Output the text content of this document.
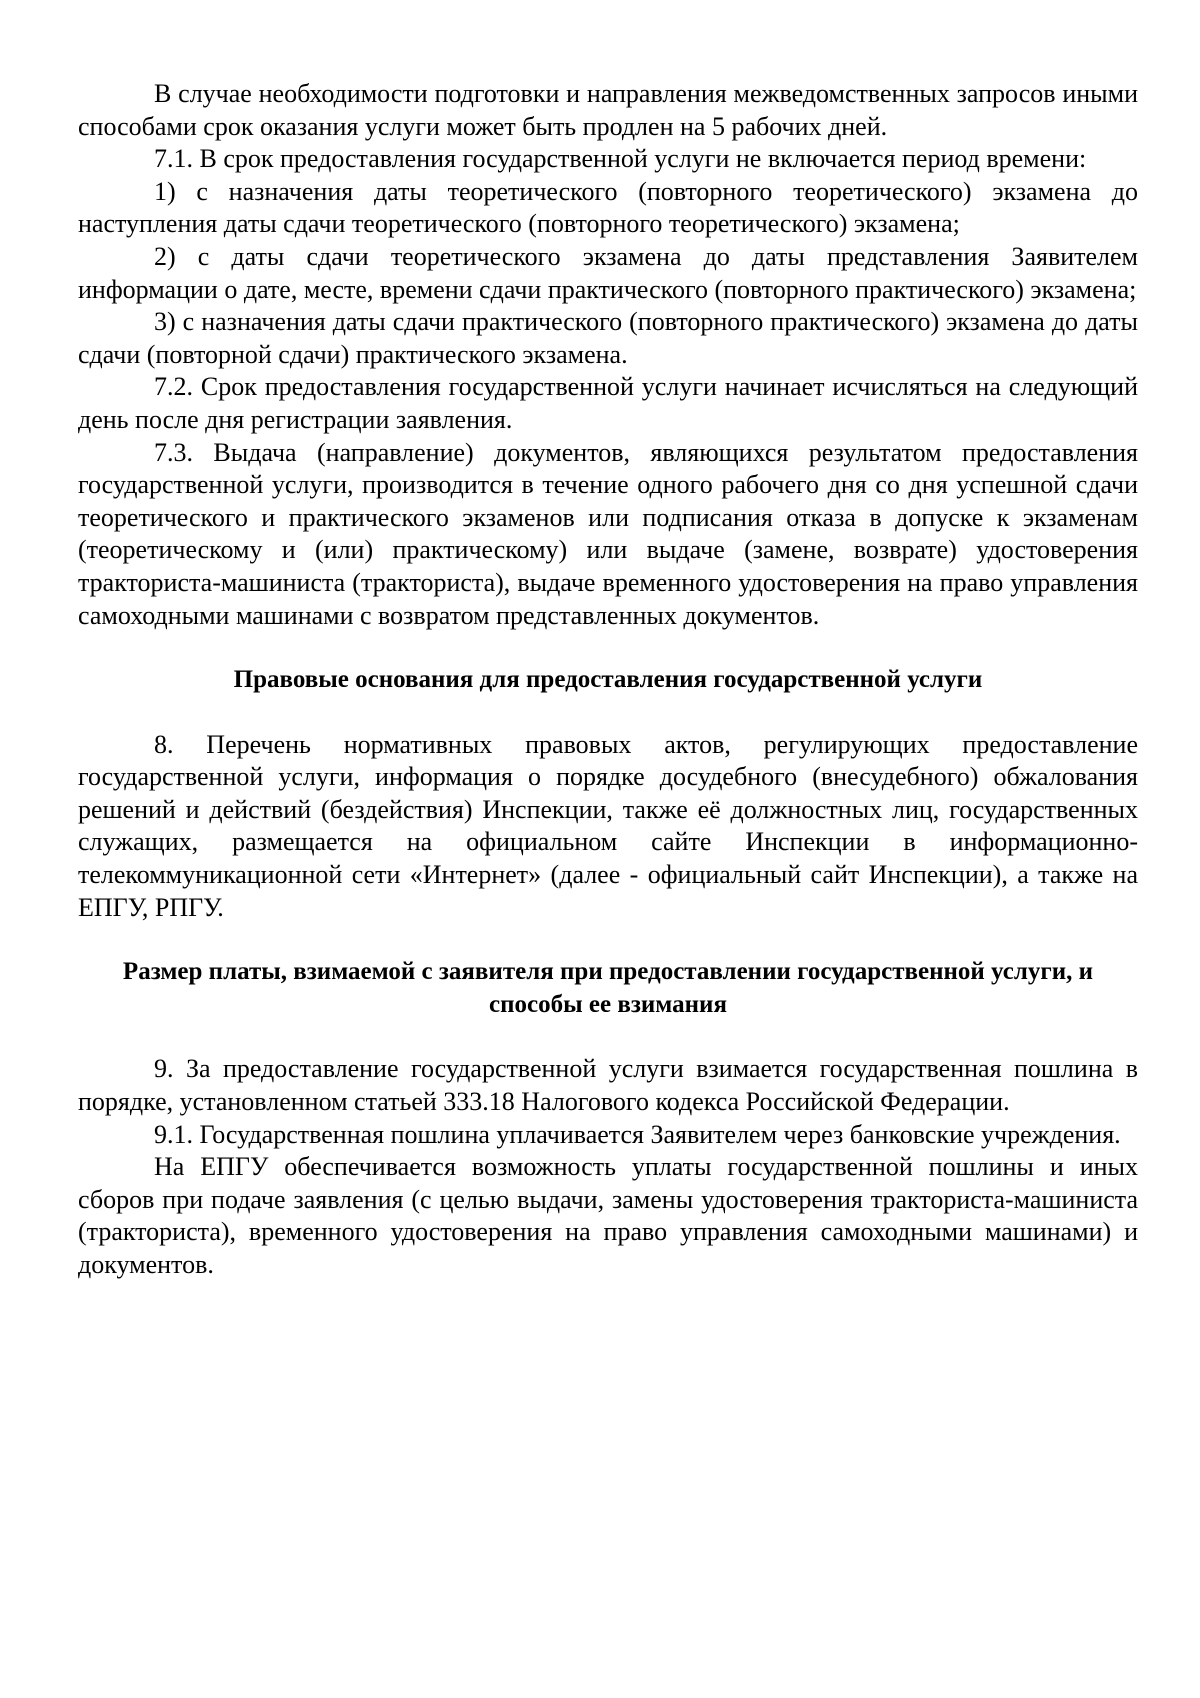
В случае необходимости подготовки и направления межведомственных запросов иными способами срок оказания услуги может быть продлен на 5 рабочих дней.

7.1. В срок предоставления государственной услуги не включается период времени:

1) с назначения даты теоретического (повторного теоретического) экзамена до наступления даты сдачи теоретического (повторного теоретического) экзамена;

2) с даты сдачи теоретического экзамена до даты представления Заявителем информации о дате, месте, времени сдачи практического (повторного практического) экзамена;

3) с назначения даты сдачи практического (повторного практического) экзамена до даты сдачи (повторной сдачи) практического экзамена.

7.2. Срок предоставления государственной услуги начинает исчисляться на следующий день после дня регистрации заявления.

7.3. Выдача (направление) документов, являющихся результатом предоставления государственной услуги, производится в течение одного рабочего дня со дня успешной сдачи теоретического и практического экзаменов или подписания отказа в допуске к экзаменам (теоретическому и (или) практическому) или выдаче (замене, возврате) удостоверения тракториста-машиниста (тракториста), выдаче временного удостоверения на право управления самоходными машинами с возвратом представленных документов.

Правовые основания для предоставления государственной услуги

8. Перечень нормативных правовых актов, регулирующих предоставление государственной услуги, информация о порядке досудебного (внесудебного) обжалования решений и действий (бездействия) Инспекции, также её должностных лиц, государственных служащих, размещается на официальном сайте Инспекции в информационно-телекоммуникационной сети «Интернет» (далее - официальный сайт Инспекции), а также на ЕПГУ, РПГУ.

Размер платы, взимаемой с заявителя при предоставлении государственной услуги, и способы ее взимания

9. За предоставление государственной услуги взимается государственная пошлина в порядке, установленном статьей 333.18 Налогового кодекса Российской Федерации.

9.1. Государственная пошлина уплачивается Заявителем через банковские учреждения.

На ЕПГУ обеспечивается возможность уплаты государственной пошлины и иных сборов при подаче заявления (с целью выдачи, замены удостоверения тракториста-машиниста (тракториста), временного удостоверения на право управления самоходными машинами) и документов.
